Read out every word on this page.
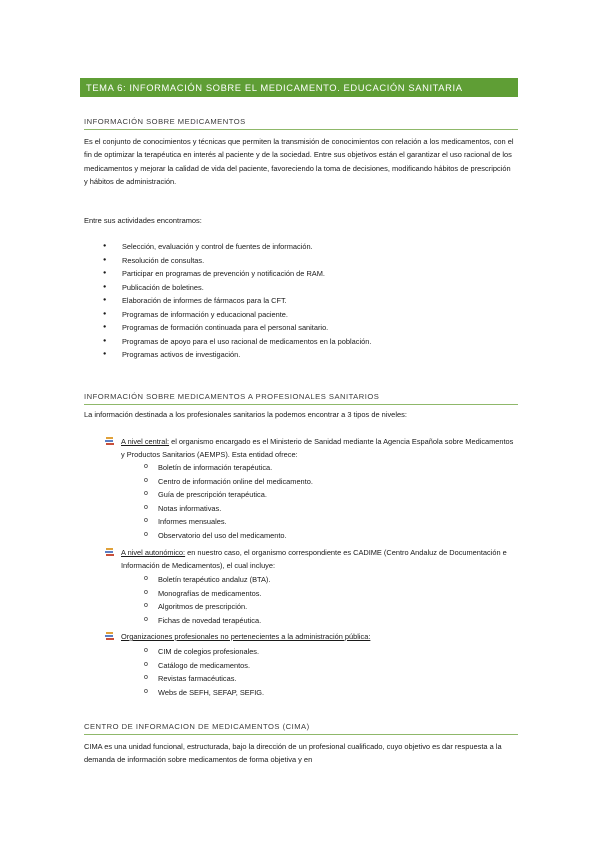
TEMA 6: INFORMACIÓN SOBRE EL MEDICAMENTO. EDUCACIÓN SANITARIA
INFORMACIÓN SOBRE MEDICAMENTOS
Es el conjunto de conocimientos y técnicas que permiten la transmisión de conocimientos con relación a los medicamentos, con el fin de optimizar la terapéutica en interés al paciente y de la sociedad. Entre sus objetivos están el garantizar el uso racional de los medicamentos y mejorar la calidad de vida del paciente, favoreciendo la toma de decisiones, modificando hábitos de prescripción y hábitos de administración.
Entre sus actividades encontramos:
● Selección, evaluación y control de fuentes de información.
● Resolución de consultas.
● Participar en programas de prevención y notificación de RAM.
● Publicación de boletines.
● Elaboración de informes de fármacos para la CFT.
● Programas de información y educacional paciente.
● Programas de formación continuada para el personal sanitario.
● Programas de apoyo para el uso racional de medicamentos en la población.
● Programas activos de investigación.
INFORMACIÓN SOBRE MEDICAMENTOS A PROFESIONALES SANITARIOS
La información destinada a los profesionales sanitarios la podemos encontrar a 3 tipos de niveles:
A nivel central: el organismo encargado es el Ministerio de Sanidad mediante la Agencia Española sobre Medicamentos y Productos Sanitarios (AEMPS). Esta entidad ofrece:
o Boletín de información terapéutica.
o Centro de información online del medicamento.
o Guía de prescripción terapéutica.
o Notas informativas.
o Informes mensuales.
o Observatorio del uso del medicamento.
A nivel autonómico: en nuestro caso, el organismo correspondiente es CADIME (Centro Andaluz de Documentación e Información de Medicamentos), el cual incluye:
o Boletín terapéutico andaluz (BTA).
o Monografías de medicamentos.
o Algoritmos de prescripción.
o Fichas de novedad terapéutica.
Organizaciones profesionales no pertenecientes a la administración pública:
o CIM de colegios profesionales.
o Catálogo de medicamentos.
o Revistas farmacéuticas.
o Webs de SEFH, SEFAP, SEFIG.
CENTRO DE INFORMACION DE MEDICAMENTOS (CIMA)
CIMA es una unidad funcional, estructurada, bajo la dirección de un profesional cualificado, cuyo objetivo es dar respuesta a la demanda de información sobre medicamentos de forma objetiva y en
